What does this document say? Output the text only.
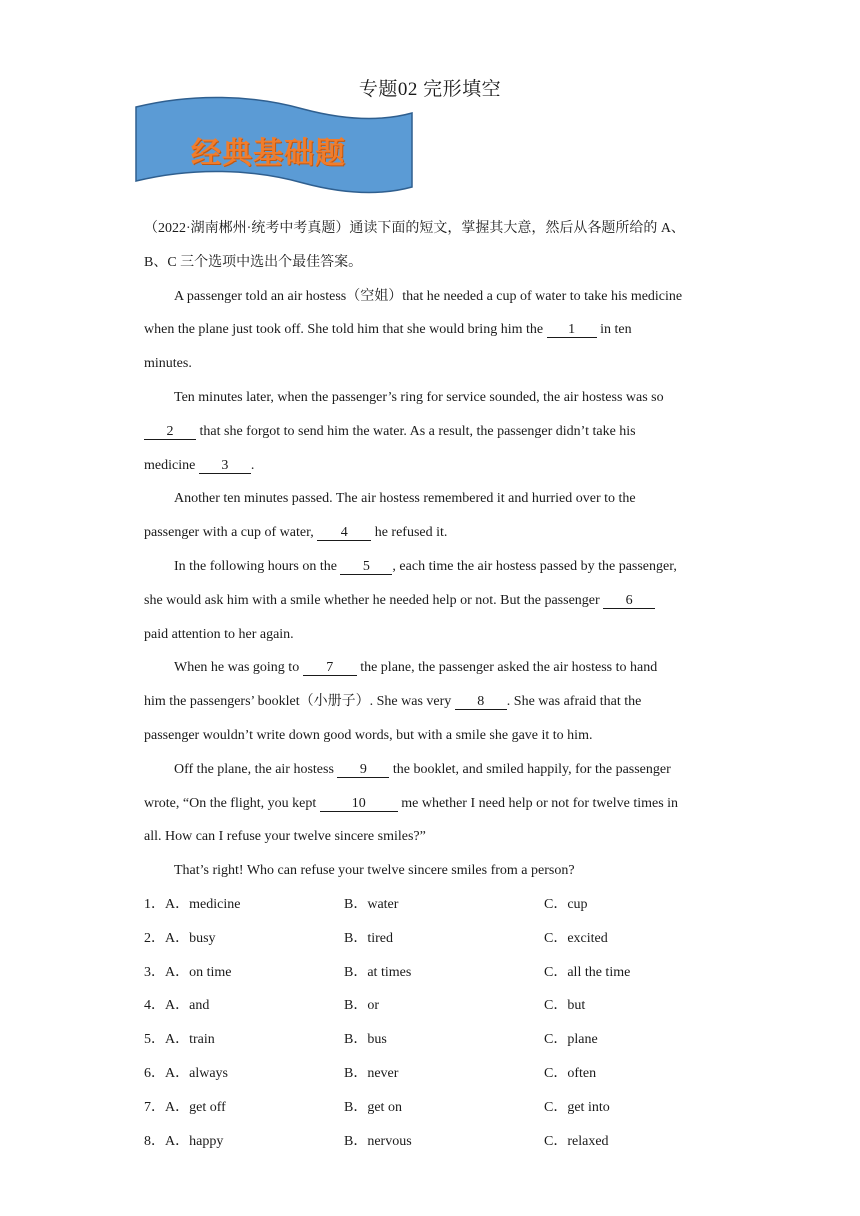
专题02 完形填空
经典基础题
（2022·湖南郴州·统考中考真题）通读下面的短文，掌握其大意，然后从各题所给的 A、
B、C 三个选项中选出个最佳答案。
A passenger told an air hostess（空姐）that he needed a cup of water to take his medicine
when the plane just took off. She told him that she would bring him the 1 in ten
minutes.
Ten minutes later, when the passenger’s ring for service sounded, the air hostess was so
2 that she forgot to send him the water. As a result, the passenger didn’t take his
medicine 3 .
Another ten minutes passed. The air hostess remembered it and hurried over to the
passenger with a cup of water, 4 he refused it.
In the following hours on the 5 , each time the air hostess passed by the passenger,
she would ask him with a smile whether he needed help or not. But the passenger 6
paid attention to her again.
When he was going to 7 the plane, the passenger asked the air hostess to hand
him the passengers’ booklet（小册子）. She was very 8 . She was afraid that the
passenger wouldn’t write down good words, but with a smile she gave it to him.
Off the plane, the air hostess 9 the booklet, and smiled happily, for the passenger
wrote, “On the flight, you kept 10 me whether I need help or not for twelve times in
all. How can I refuse your twelve sincere smiles?”
That’s right! Who can refuse your twelve sincere smiles from a person?
1．A．medicine	B．water	C．cup
2．A．busy	B．tired	C．excited
3．A．on time	B．at times	C．all the time
4．A．and	B．or	C．but
5．A．train	B．bus	C．plane
6．A．always	B．never	C．often
7．A．get off	B．get on	C．get into
8．A．happy	B．nervous	C．relaxed
